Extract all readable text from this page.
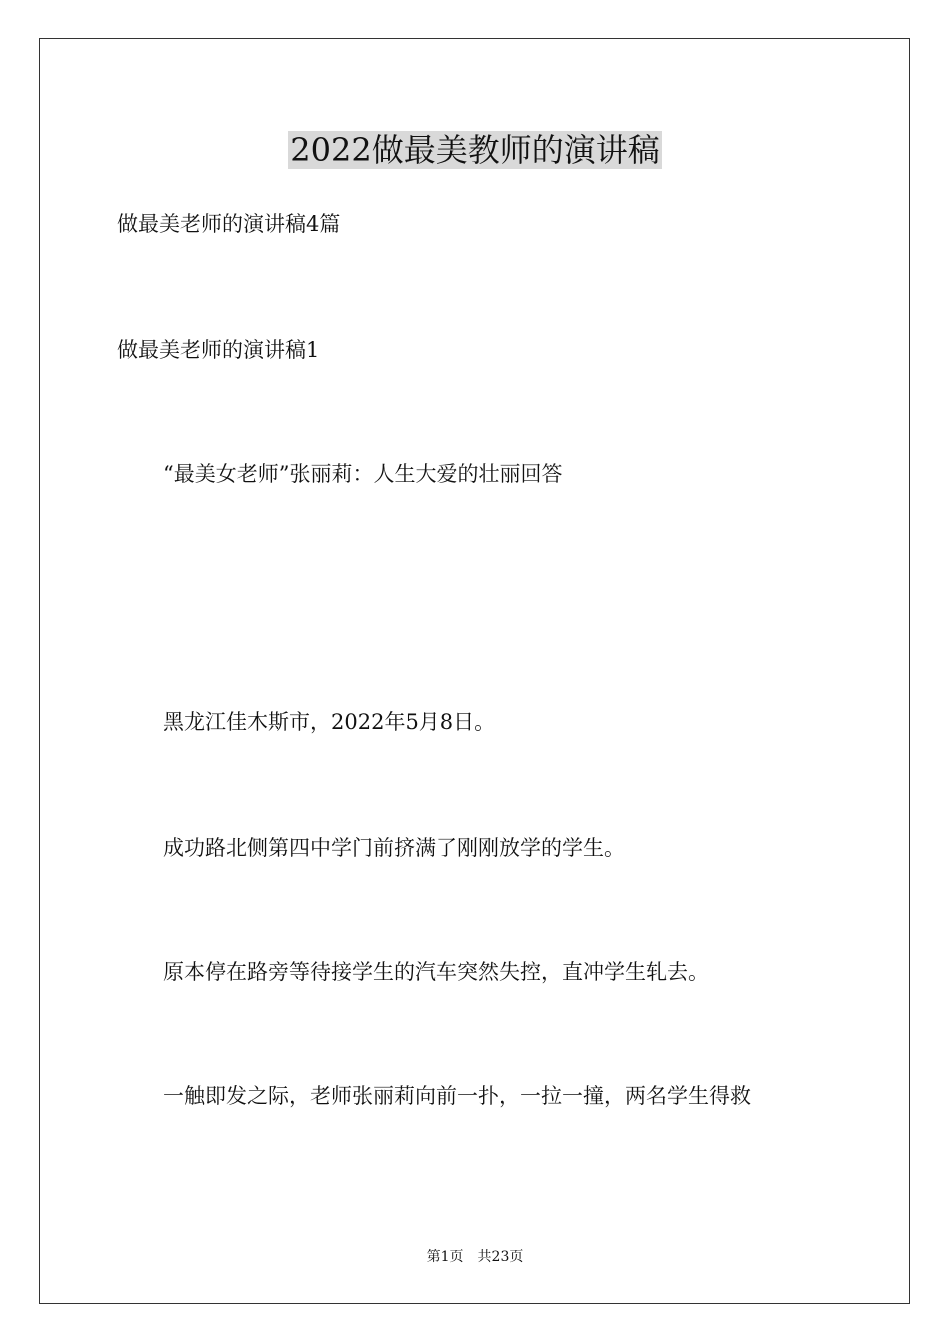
2022做最美教师的演讲稿
做最美老师的演讲稿4篇
做最美老师的演讲稿1
“最美女老师”张丽莉：人生大爱的壮丽回答
黑龙江佳木斯市，2022年5月8日。
成功路北侧第四中学门前挤满了刚刚放学的学生。
原本停在路旁等待接学生的汽车突然失控，直冲学生轧去。
一触即发之际，老师张丽莉向前一扑，一拉一撞，两名学生得救
第1页 共23页
